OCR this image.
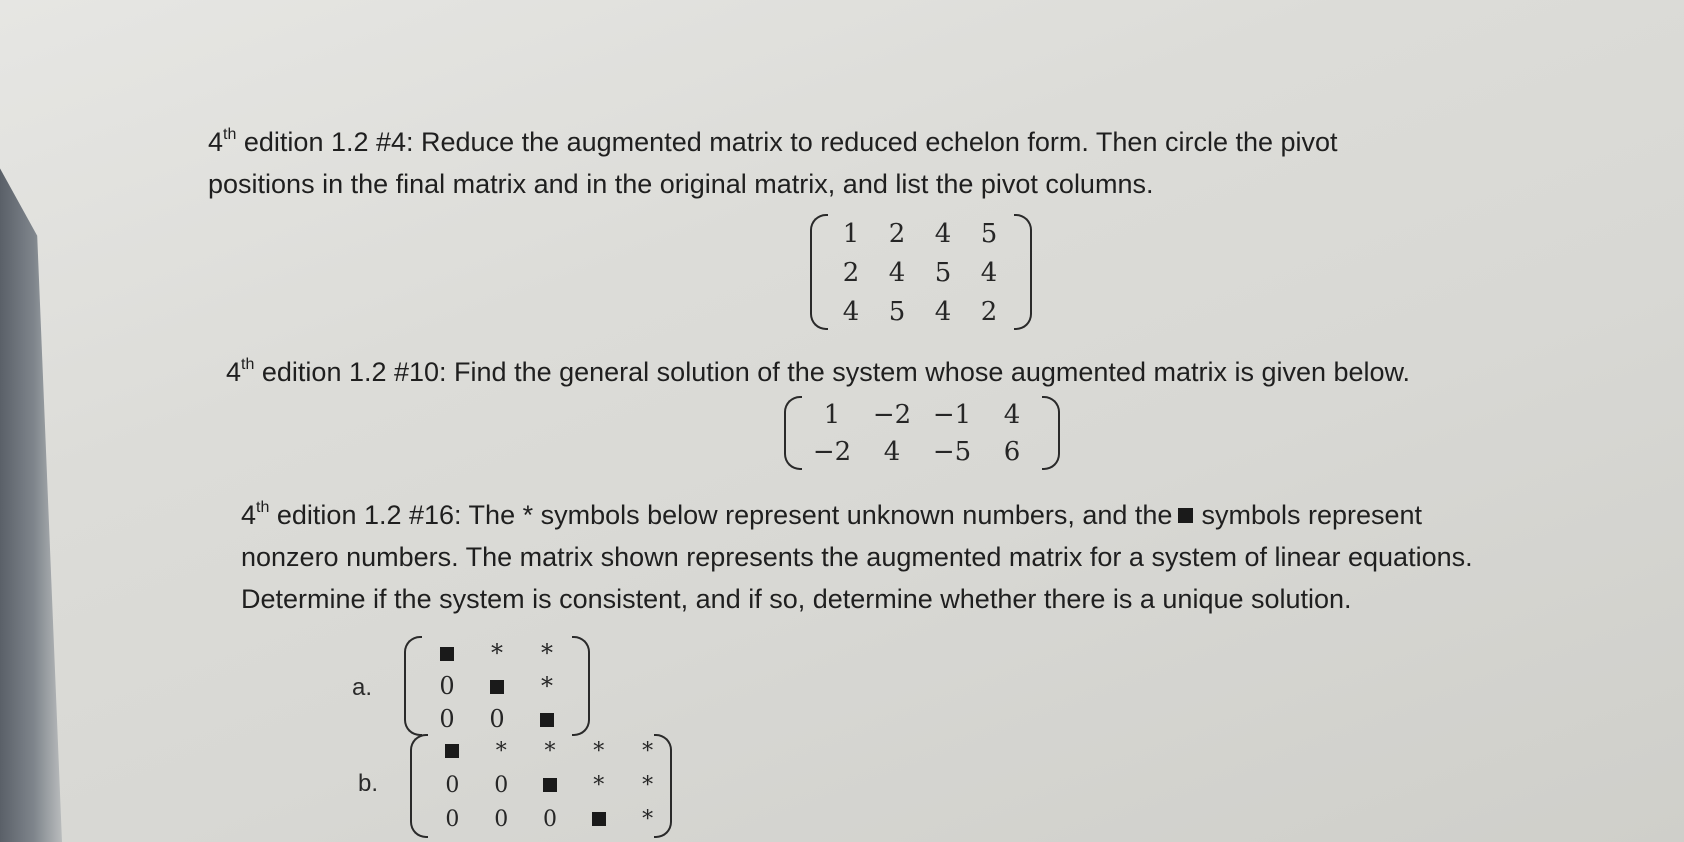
4th edition 1.2 #4: Reduce the augmented matrix to reduced echelon form. Then circle the pivot
positions in the final matrix and in the original matrix, and list the pivot columns.
1	2	4	5
2	4	5	4
4	5	4	2
4th edition 1.2 #10: Find the general solution of the system whose augmented matrix is given below.
1	−2	−1	4
−2	4	−5	6
4th edition 1.2 #16: The * symbols below represent unknown numbers, and the symbols represent
nonzero numbers. The matrix shown represents the augmented matrix for a system of linear equations.
Determine if the system is consistent, and if so, determine whether there is a unique solution.
a.
	*	*
0		*
0	0	
b.
	*	*	*	*
0	0		*	*
0	0	0		*
